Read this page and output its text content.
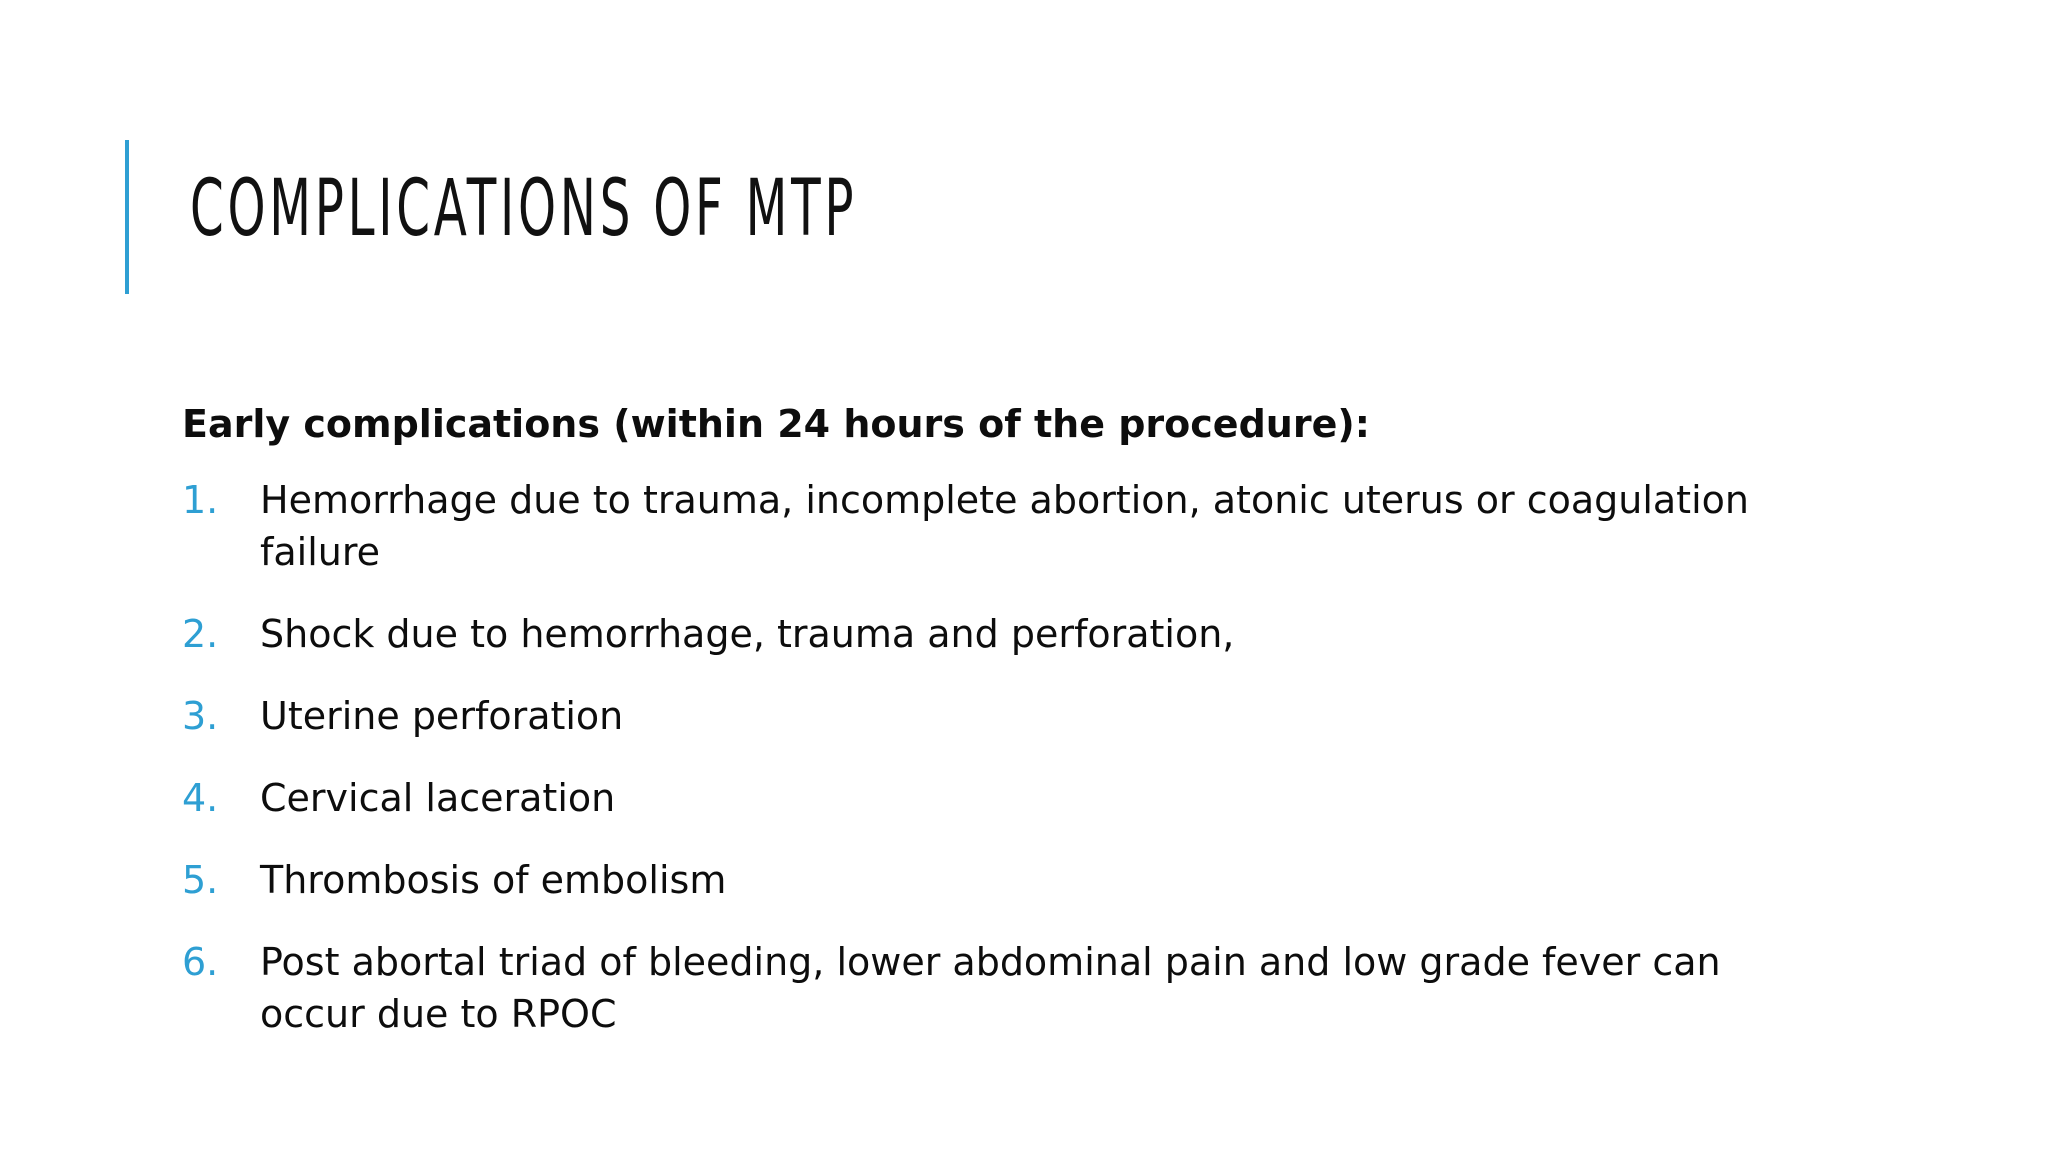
COMPLICATIONS OF MTP

Early complications (within 24 hours of the procedure):

1.	Hemorrhage due to trauma, incomplete abortion, atonic uterus or coagulation failure
2.	Shock due to hemorrhage, trauma and perforation,
3.	Uterine perforation
4.	Cervical laceration
5.	Thrombosis of embolism
6.	Post abortal triad of bleeding, lower abdominal pain and low grade fever can occur due to RPOC
